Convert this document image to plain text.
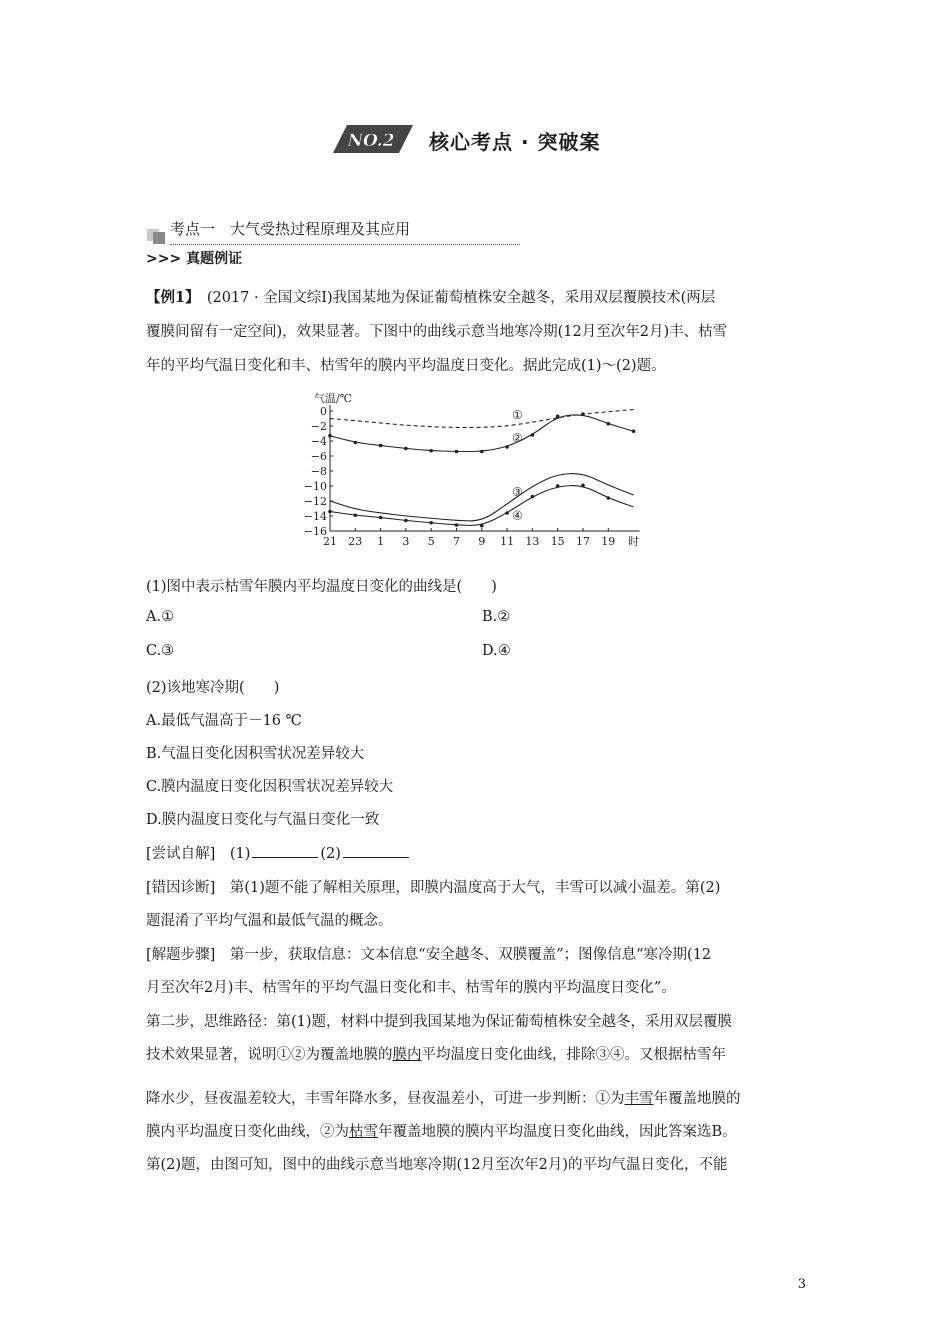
NO.2 核心考点 · 突破案
考点一　大气受热过程原理及其应用
>>> 真题例证
【例1】　(2017 · 全国文综Ⅰ)我国某地为保证葡萄植株安全越冬，采用双层覆膜技术(两层
覆膜间留有一定空间)，效果显著。下图中的曲线示意当地寒冷期(12月至次年2月)丰、枯雪
年的平均气温日变化和丰、枯雪年的膜内平均温度日变化。据此完成(1)～(2)题。
气温/℃
0
−2
−4
−6
−8
−10
−12
−14
−16
21 23 1 3 5 7 9 11 13 15 17 19 时
①
②
③
④
(1)图中表示枯雪年膜内平均温度日变化的曲线是(　　)
A.①	B.②
C.③	D.④
(2)该地寒冷期(　　)
A.最低气温高于－16 ℃
B.气温日变化因积雪状况差异较大
C.膜内温度日变化因积雪状况差异较大
D.膜内温度日变化与气温日变化一致
[尝试自解]　 (1)	(2)
[错因诊断]　第(1)题不能了解相关原理，即膜内温度高于大气，丰雪可以减小温差。第(2)
题混淆了平均气温和最低气温的概念。
[解题步骤]　第一步，获取信息：文本信息“安全越冬、双膜覆盖”；图像信息“寒冷期(12
月至次年2月)丰、枯雪年的平均气温日变化和丰、枯雪年的膜内平均温度日变化”。
第二步，思维路径：第(1)题，材料中提到我国某地为保证葡萄植株安全越冬，采用双层覆膜
技术效果显著，说明①②为覆盖地膜的膜内平均温度日变化曲线，排除③④。又根据枯雪年
降水少，昼夜温差较大，丰雪年降水多，昼夜温差小，可进一步判断：①为丰雪年覆盖地膜的
膜内平均温度日变化曲线，②为枯雪年覆盖地膜的膜内平均温度日变化曲线，因此答案选B。
第(2)题，由图可知，图中的曲线示意当地寒冷期(12月至次年2月)的平均气温日变化，不能
3
